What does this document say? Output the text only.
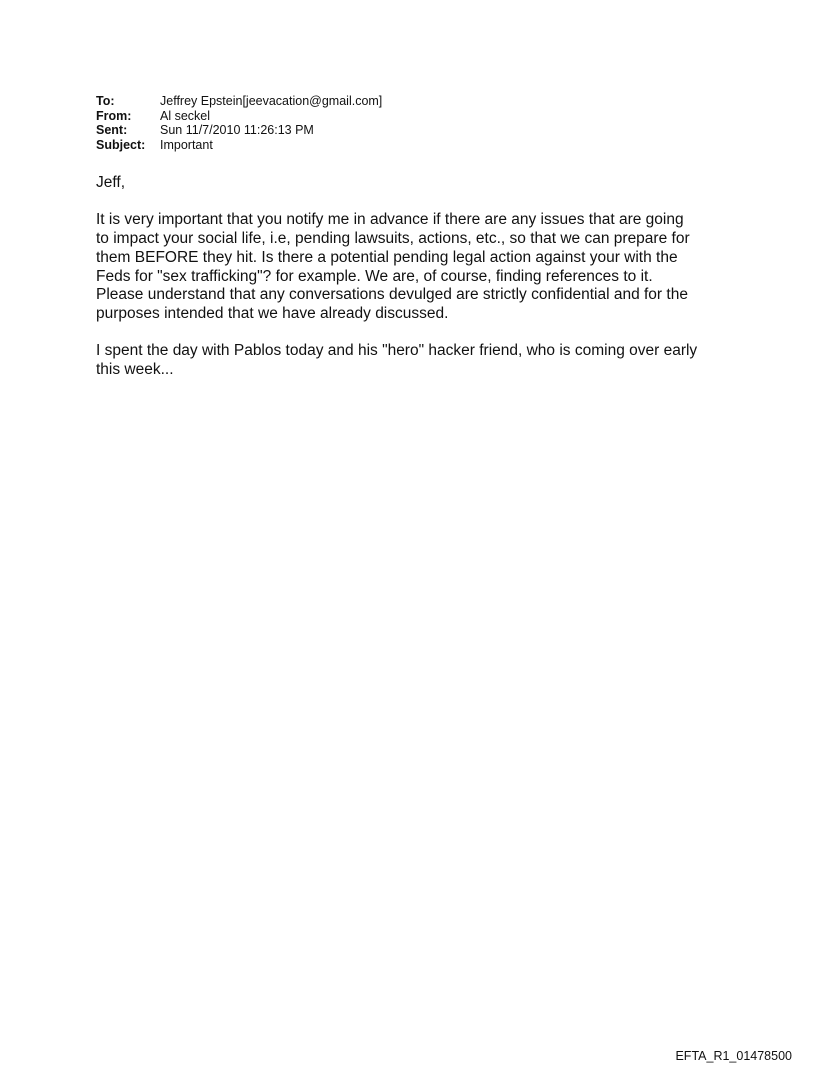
To:	Jeffrey Epstein[jeevacation@gmail.com]
From:	Al seckel
Sent:	Sun 11/7/2010 11:26:13 PM
Subject:	Important

Jeff,

It is very important that you notify me in advance if there are any issues that are going

to impact your social life, i.e, pending lawsuits, actions, etc., so that we can prepare for

them BEFORE they hit. Is there a potential pending legal action against your with the

Feds for "sex trafficking"? for example. We are, of course, finding references to it.

Please understand that any conversations devulged are strictly confidential and for the

purposes intended that we have already discussed.

I spent the day with Pablos today and his "hero" hacker friend, who is coming over early

this week...

EFTA_R1_01478500
